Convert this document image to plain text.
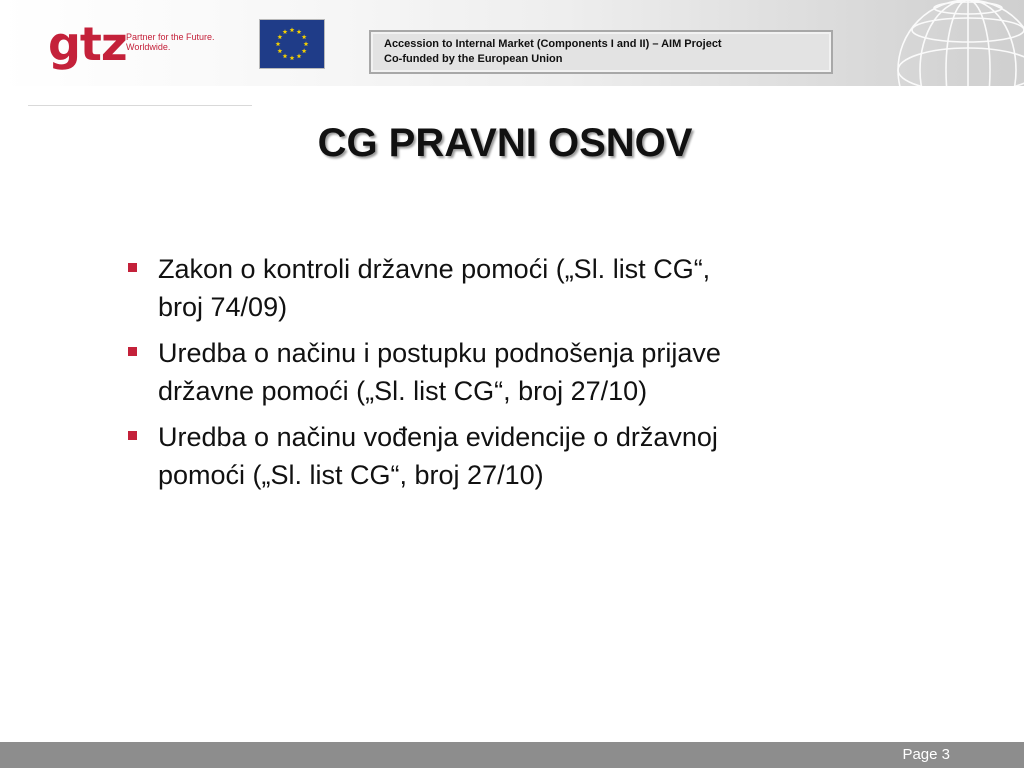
gtz Partner for the Future.
Worldwide.	Accession to Internal Market (Components I and II) – AIM Project
Co-funded by the European Union
CG PRAVNI OSNOV
Zakon o kontroli državne pomoći („Sl. list CG“,
broj 74/09)
Uredba o načinu i postupku podnošenja prijave
državne pomoći („Sl. list CG“, broj 27/10)
Uredba o načinu vođenja evidencije o državnoj
pomoći („Sl. list CG“, broj 27/10)
Page 3
